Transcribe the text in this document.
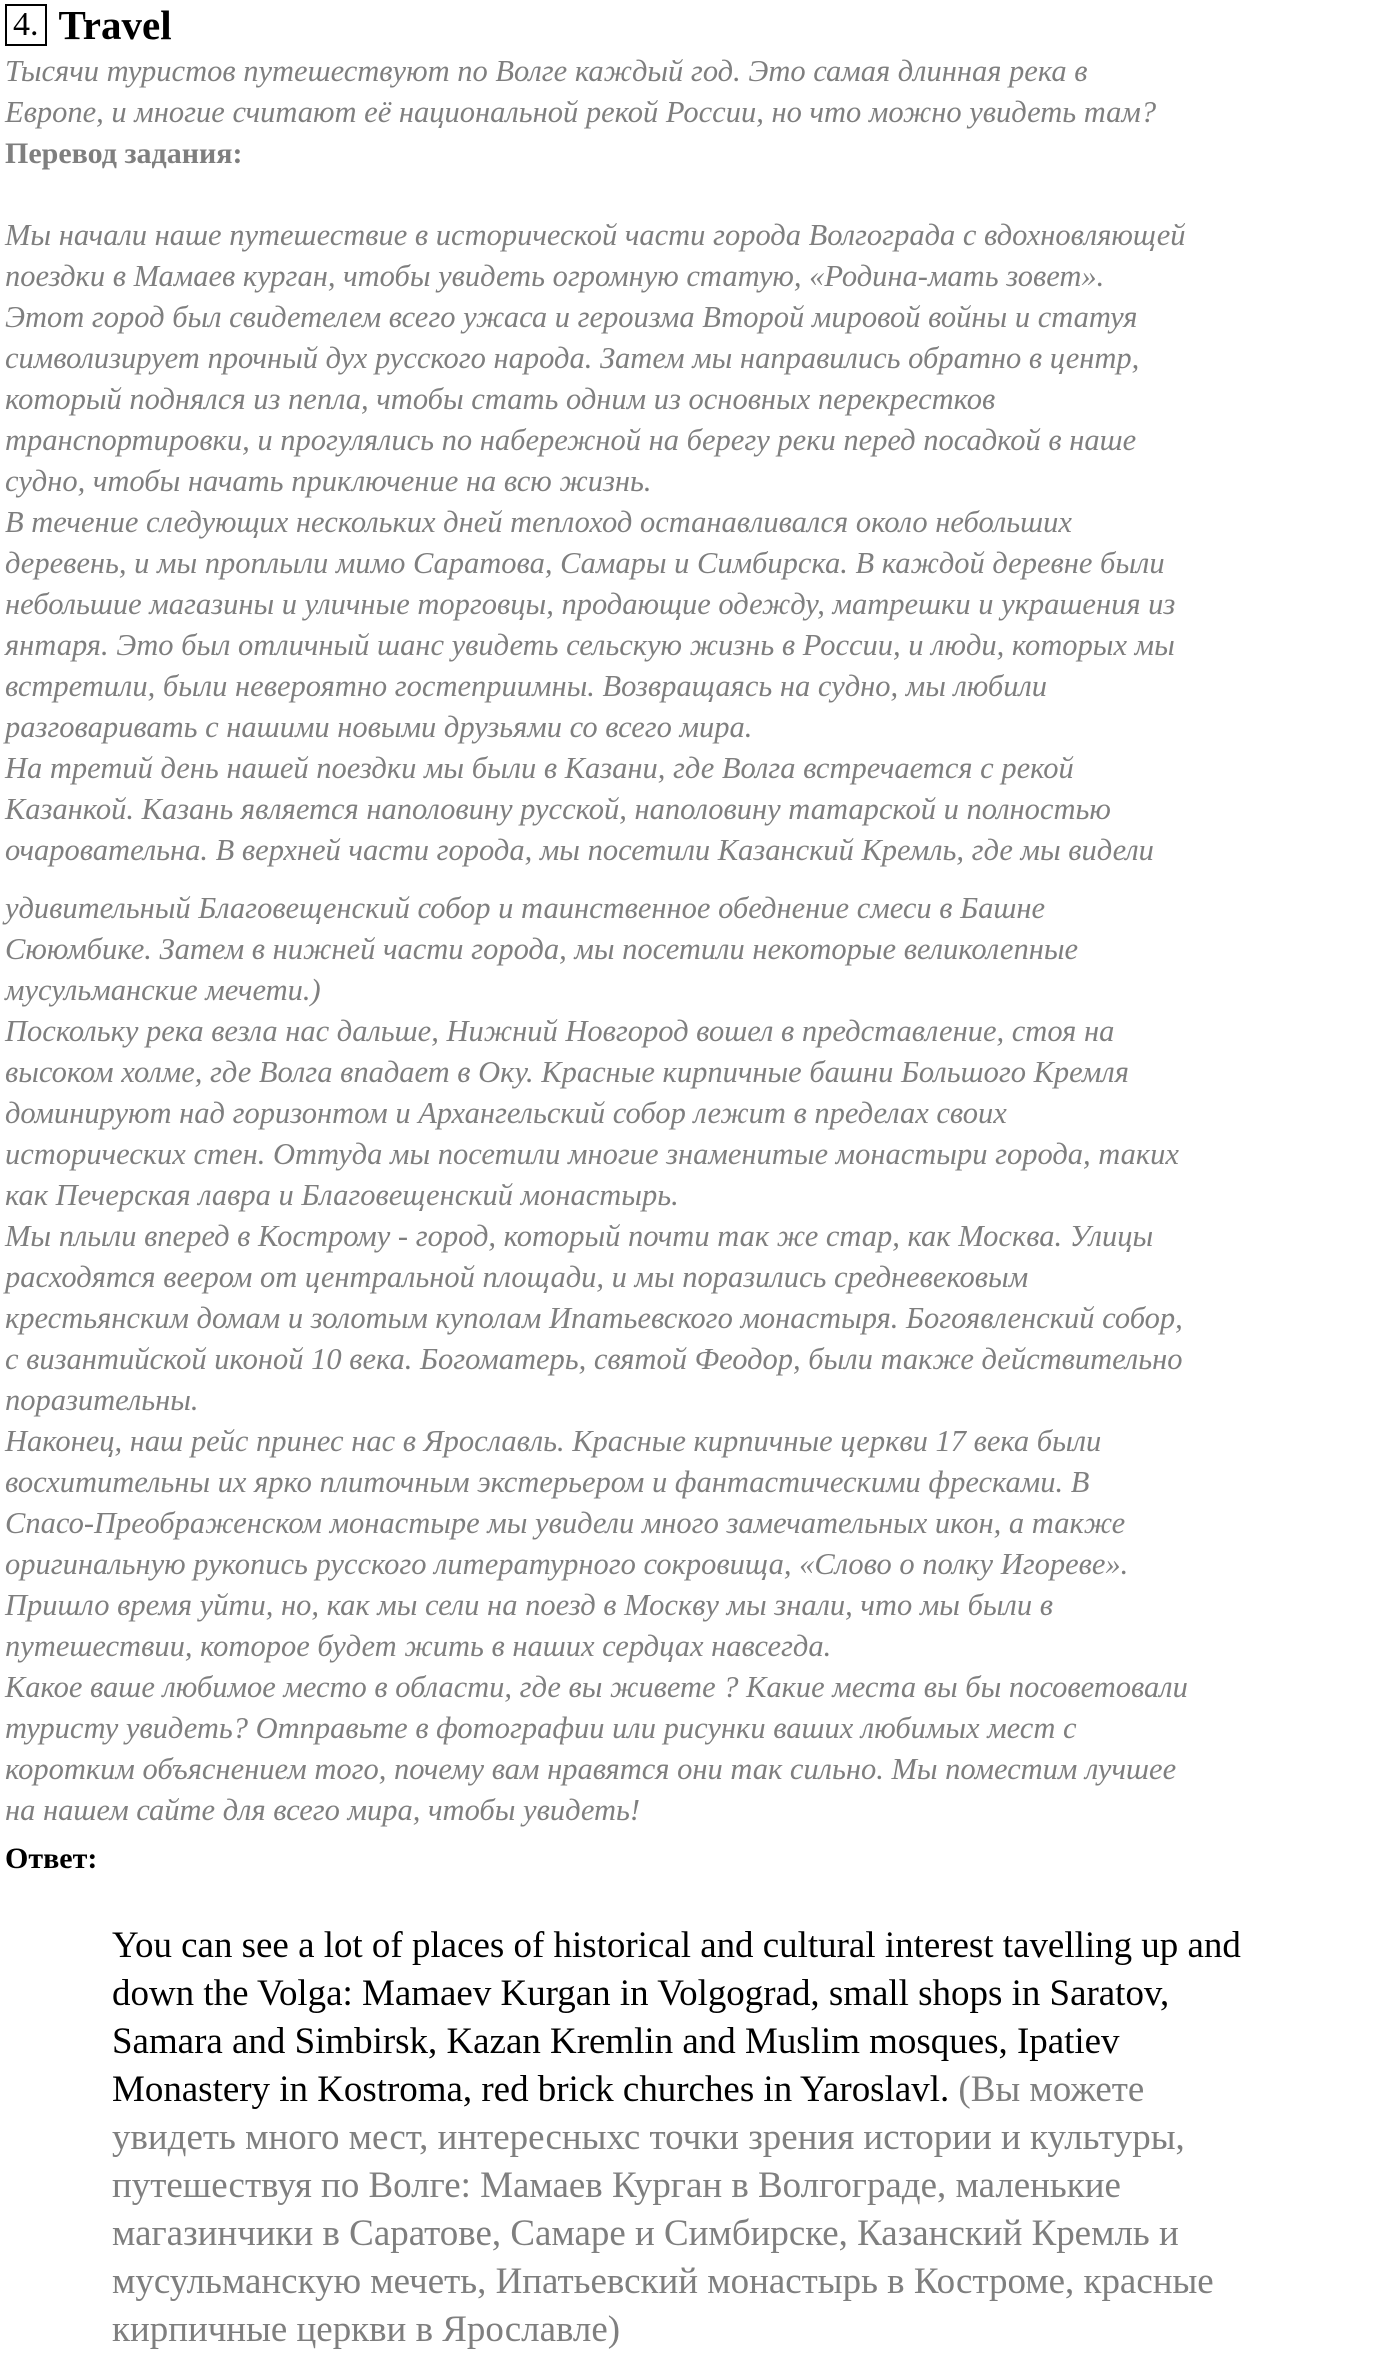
4. Travel
Тысячи туристов путешествуют по Волге каждый год. Это самая длинная река в
Европе, и многие считают её национальной рекой России, но что можно увидеть там?
Перевод задания:
Мы начали наше путешествие в исторической части города Волгограда с вдохновляющей
поездки в Мамаев курган, чтобы увидеть огромную статую, «Родина-мать зовет».
Этот город был свидетелем всего ужаса и героизма Второй мировой войны и статуя
символизирует прочный дух русского народа. Затем мы направились обратно в центр,
который поднялся из пепла, чтобы стать одним из основных перекрестков
транспортировки, и прогулялись по набережной на берегу реки перед посадкой в наше
судно, чтобы начать приключение на всю жизнь.
В течение следующих нескольких дней теплоход останавливался около небольших
деревень, и мы проплыли мимо Саратова, Самары и Симбирска. В каждой деревне были
небольшие магазины и уличные торговцы, продающие одежду, матрешки и украшения из
янтаря. Это был отличный шанс увидеть сельскую жизнь в России, и люди, которых мы
встретили, были невероятно гостеприимны. Возвращаясь на судно, мы любили
разговаривать с нашими новыми друзьями со всего мира.
На третий день нашей поездки мы были в Казани, где Волга встречается с рекой
Казанкой. Казань является наполовину русской, наполовину татарской и полностью
очаровательна. В верхней части города, мы посетили Казанский Кремль, где мы видели
удивительный Благовещенский собор и таинственное обеднение смеси в Башне
Сююмбике. Затем в нижней части города, мы посетили некоторые великолепные
мусульманские мечети.)
Поскольку река везла нас дальше, Нижний Новгород вошел в представление, стоя на
высоком холме, где Волга впадает в Оку. Красные кирпичные башни Большого Кремля
доминируют над горизонтом и Архангельский собор лежит в пределах своих
исторических стен. Оттуда мы посетили многие знаменитые монастыри города, таких
как Печерская лавра и Благовещенский монастырь.
Мы плыли вперед в Кострому - город, который почти так же стар, как Москва. Улицы
расходятся веером от центральной площади, и мы поразились средневековым
крестьянским домам и золотым куполам Ипатьевского монастыря. Богоявленский собор,
с византийской иконой 10 века. Богоматерь, святой Феодор, были также действительно
поразительны.
Наконец, наш рейс принес нас в Ярославль. Красные кирпичные церкви 17 века были
восхитительны их ярко плиточным экстерьером и фантастическими фресками. В
Спасо-Преображенском монастыре мы увидели много замечательных икон, а также
оригинальную рукопись русского литературного сокровища, «Слово о полку Игореве».
Пришло время уйти, но, как мы сели на поезд в Москву мы знали, что мы были в
путешествии, которое будет жить в наших сердцах навсегда.
Какое ваше любимое место в области, где вы живете ? Какие места вы бы посоветовали
туристу увидеть? Отправьте в фотографии или рисунки ваших любимых мест с
коротким объяснением того, почему вам нравятся они так сильно. Мы поместим лучшее
на нашем сайте для всего мира, чтобы увидеть!
Ответ:
You can see a lot of places of historical and cultural interest tavelling up and
down the Volga: Mamaev Kurgan in Volgograd, small shops in Saratov,
Samara and Simbirsk, Kazan Kremlin and Muslim mosques, Ipatiev
Monastery in Kostroma, red brick churches in Yaroslavl. (Вы можете
увидеть много мест, интересныхс точки зрения истории и культуры,
путешествуя по Волге: Мамаев Курган в Волгограде, маленькие
магазинчики в Саратове, Самаре и Симбирске, Казанский Кремль и
мусульманскую мечеть, Ипатьевский монастырь в Костроме, красные
кирпичные церкви в Ярославле)
